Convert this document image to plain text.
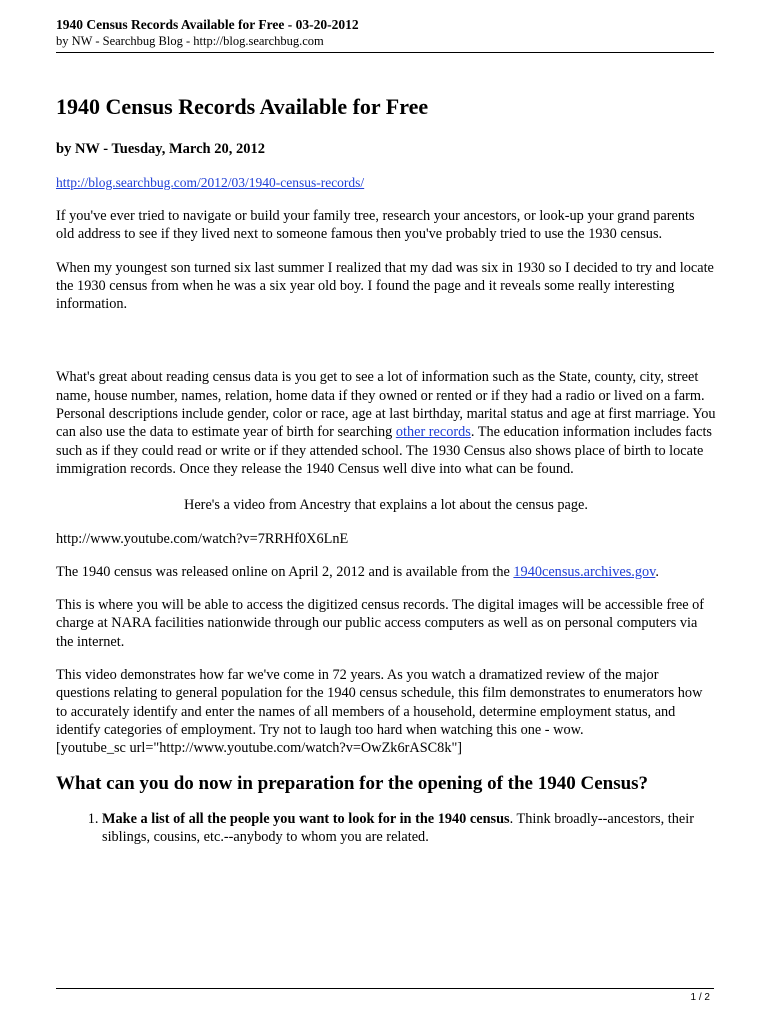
1940 Census Records Available for Free - 03-20-2012
by NW - Searchbug Blog - http://blog.searchbug.com
1940 Census Records Available for Free
by NW - Tuesday, March 20, 2012
http://blog.searchbug.com/2012/03/1940-census-records/

If you've ever tried to navigate or build your family tree, research your ancestors, or look-up your grand parents old address to see if they lived next to someone famous then you've probably tried to use the 1930 census.

When my youngest son turned six last summer I realized that my dad was six in 1930 so I decided to try and locate the 1930 census from when he was a six year old boy. I found the page and it reveals some really interesting information.

What's great about reading census data is you get to see a lot of information such as the State, county, city, street name, house number, names, relation, home data if they owned or rented or if they had a radio or lived on a farm. Personal descriptions include gender, color or race, age at last birthday, marital status and age at first marriage. You can also use the data to estimate year of birth for searching other records. The education information includes facts such as if they could read or write or if they attended school. The 1930 Census also shows place of birth to locate immigration records. Once they release the 1940 Census well dive into what can be found.

Here's a video from Ancestry that explains a lot about the census page.

http://www.youtube.com/watch?v=7RRHf0X6LnE

The 1940 census was released online on April 2, 2012 and is available from the 1940census.archives.gov.

This is where you will be able to access the digitized census records. The digital images will be accessible free of charge at NARA facilities nationwide through our public access computers as well as on personal computers via the internet.

This video demonstrates how far we've come in 72 years. As you watch a dramatized review of the major questions relating to general population for the 1940 census schedule, this film demonstrates to enumerators how to accurately identify and enter the names of all members of a household, determine employment status, and identify categories of employment. Try not to laugh too hard when watching this one - wow.

[youtube_sc url="http://www.youtube.com/watch?v=OwZk6rASC8k"]

What can you do now in preparation for the opening of the 1940 Census?
1. Make a list of all the people you want to look for in the 1940 census. Think broadly--ancestors, their siblings, cousins, etc.--anybody to whom you are related.
1 / 2
